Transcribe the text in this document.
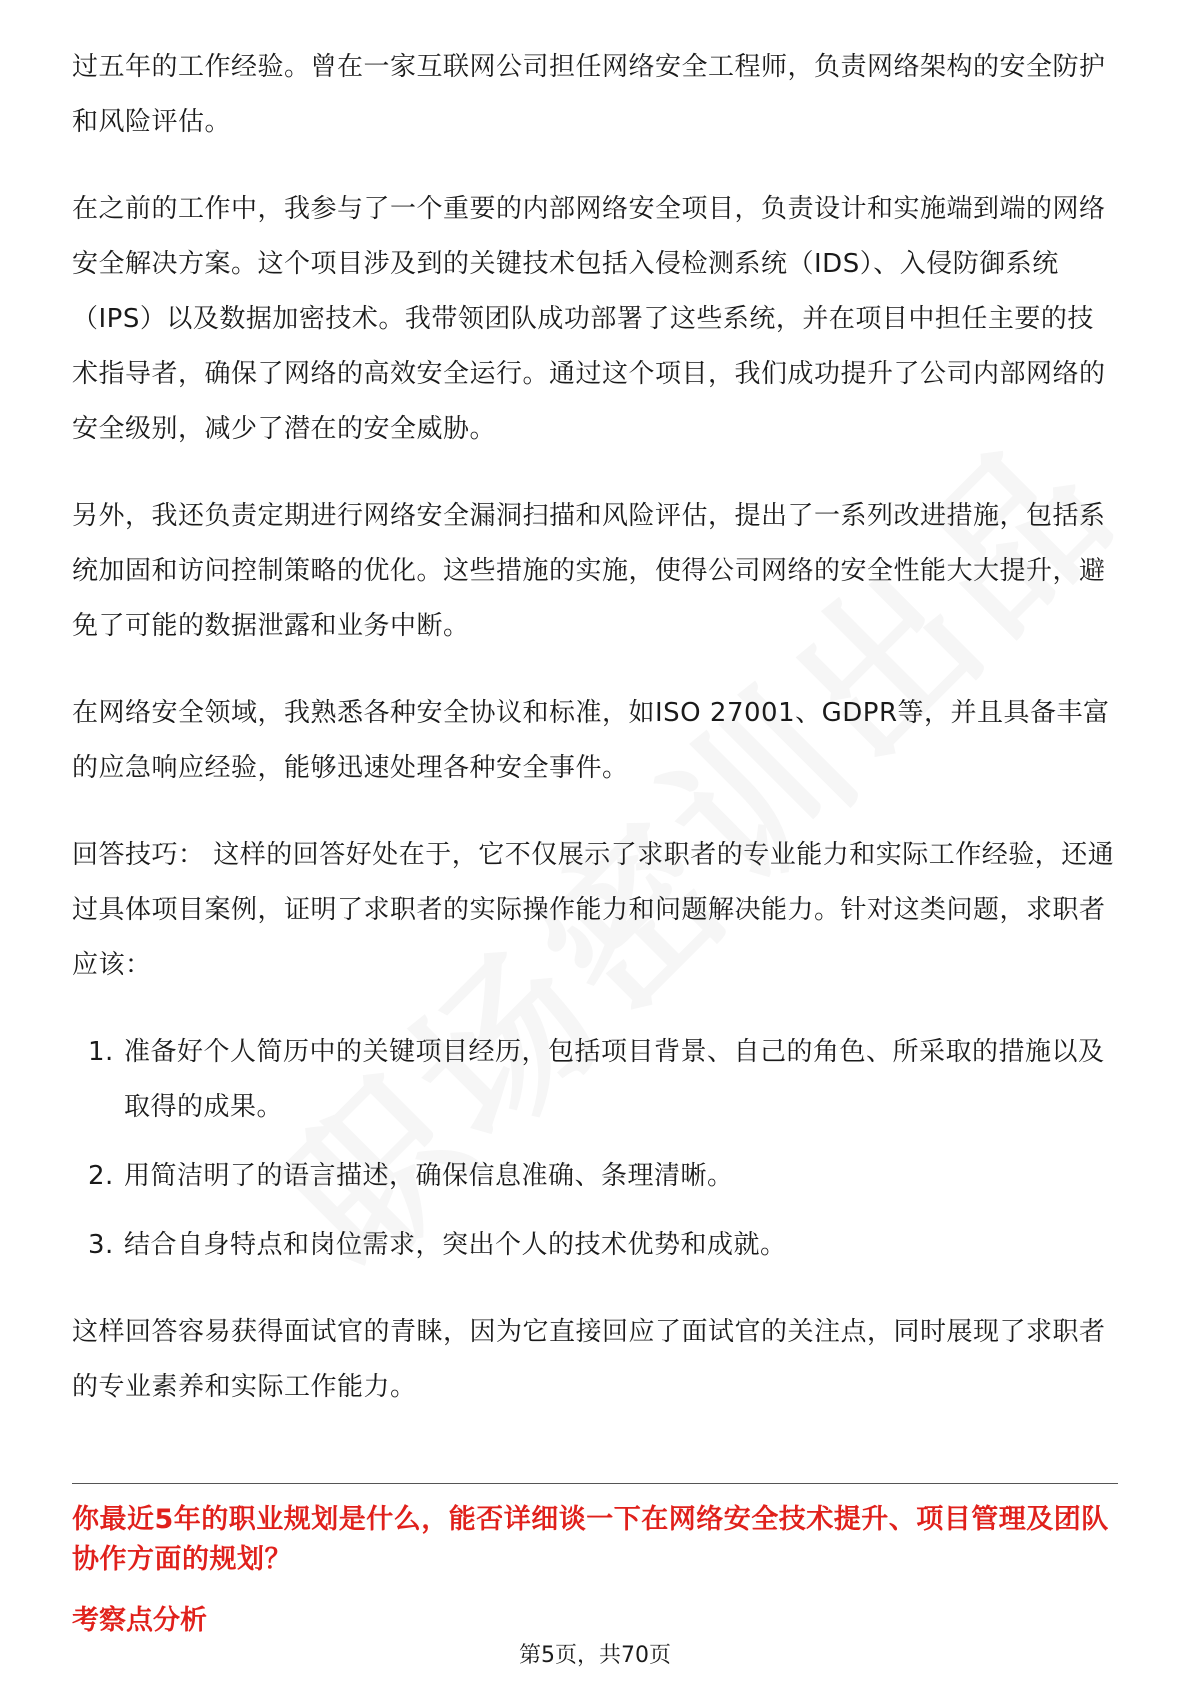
过五年的工作经验。曾在一家互联网公司担任网络安全工程师，负责网络架构的安全防护和风险评估。

在之前的工作中，我参与了一个重要的内部网络安全项目，负责设计和实施端到端的网络安全解决方案。这个项目涉及到的关键技术包括入侵检测系统（IDS）、入侵防御系统（IPS）以及数据加密技术。我带领团队成功部署了这些系统，并在项目中担任主要的技术指导者，确保了网络的高效安全运行。通过这个项目，我们成功提升了公司内部网络的安全级别，减少了潜在的安全威胁。

另外，我还负责定期进行网络安全漏洞扫描和风险评估，提出了一系列改进措施，包括系统加固和访问控制策略的优化。这些措施的实施，使得公司网络的安全性能大大提升，避免了可能的数据泄露和业务中断。

在网络安全领域，我熟悉各种安全协议和标准，如ISO 27001、GDPR等，并且具备丰富的应急响应经验，能够迅速处理各种安全事件。

回答技巧： 这样的回答好处在于，它不仅展示了求职者的专业能力和实际工作经验，还通过具体项目案例，证明了求职者的实际操作能力和问题解决能力。针对这类问题，求职者应该：

1. 准备好个人简历中的关键项目经历，包括项目背景、自己的角色、所采取的措施以及取得的成果。
2. 用简洁明了的语言描述，确保信息准确、条理清晰。
3. 结合自身特点和岗位需求，突出个人的技术优势和成就。

这样回答容易获得面试官的青睐，因为它直接回应了面试官的关注点，同时展现了求职者的专业素养和实际工作能力。

你最近5年的职业规划是什么，能否详细谈一下在网络安全技术提升、项目管理及团队协作方面的规划？
考察点分析
第5页，共70页
